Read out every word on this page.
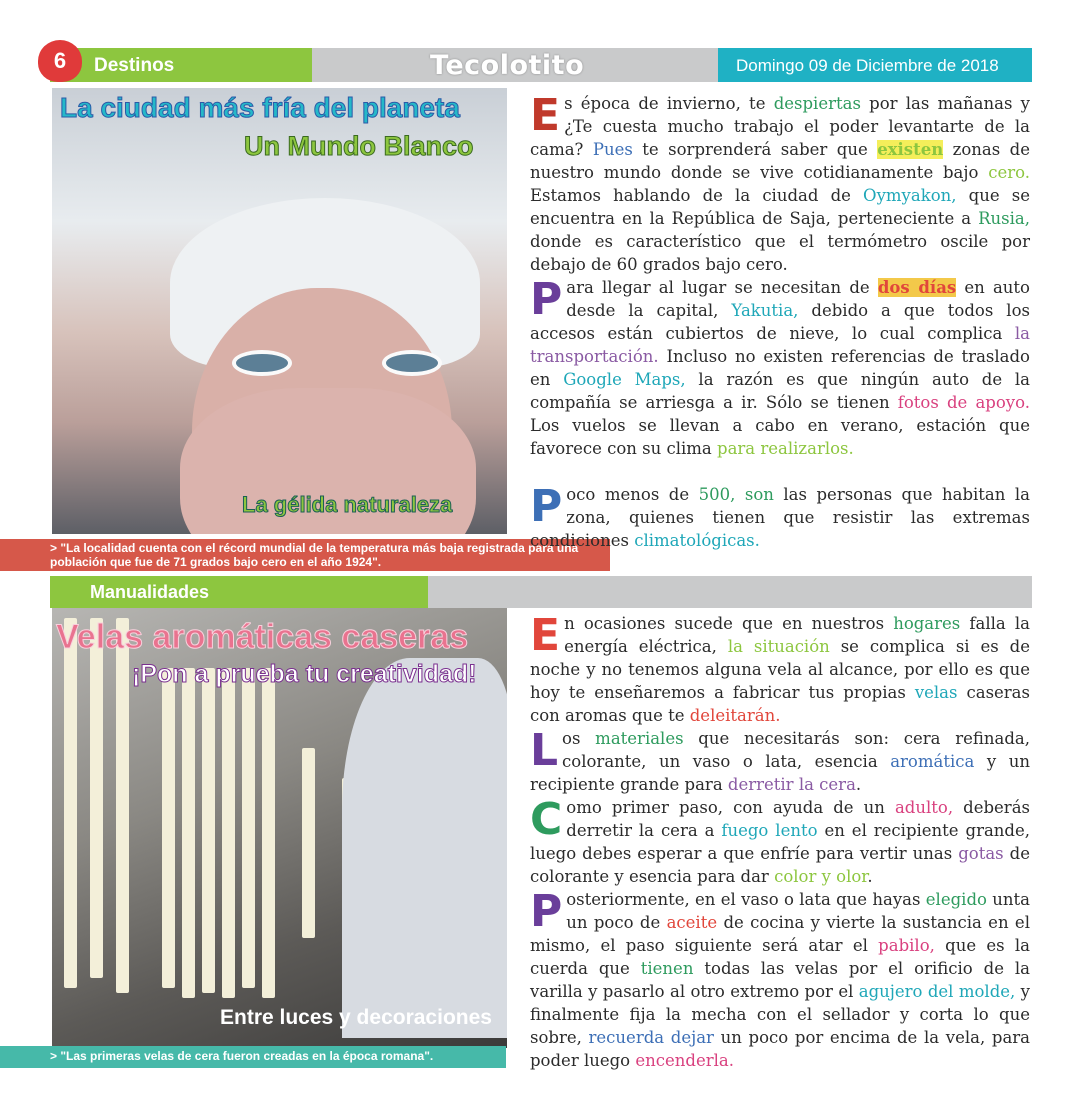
6	Destinos	Tecolotito	Domingo 09 de Diciembre de 2018
La ciudad más fría del planeta
Un Mundo Blanco
La gélida naturaleza
> "La localidad cuenta con el récord mundial de la temperatura más baja registrada para una población que fue de 71 grados bajo cero en el año 1924".

Es época de invierno, te despiertas por las mañanas y ¿Te cuesta mucho trabajo el poder levantarte de la cama? Pues te sorprenderá saber que existen zonas de nuestro mundo donde se vive cotidianamente bajo cero. Estamos hablando de la ciudad de Oymyakon, que se encuentra en la República de Saja, perteneciente a Rusia, donde es característico que el termómetro oscile por debajo de 60 grados bajo cero.

Para llegar al lugar se necesitan de dos días en auto desde la capital, Yakutia, debido a que todos los accesos están cubiertos de nieve, lo cual complica la transportación. Incluso no existen referencias de traslado en Google Maps, la razón es que ningún auto de la compañía se arriesga a ir. Sólo se tienen fotos de apoyo. Los vuelos se llevan a cabo en verano, estación que favorece con su clima para realizarlos.

Poco menos de 500, son las personas que habitan la zona, quienes tienen que resistir las extremas condiciones climatológicas.

Manualidades
Velas aromáticas caseras
¡Pon a prueba tu creatividad!
Entre luces y decoraciones
> "Las primeras velas de cera fueron creadas en la época romana".

En ocasiones sucede que en nuestros hogares falla la energía eléctrica, la situación se complica si es de noche y no tenemos alguna vela al alcance, por ello es que hoy te enseñaremos a fabricar tus propias velas caseras con aromas que te deleitarán.

Los materiales que necesitarás son: cera refinada, colorante, un vaso o lata, esencia aromática y un recipiente grande para derretir la cera.

Como primer paso, con ayuda de un adulto, deberás derretir la cera a fuego lento en el recipiente grande, luego debes esperar a que enfríe para vertir unas gotas de colorante y esencia para dar color y olor.

Posteriormente, en el vaso o lata que hayas elegido unta un poco de aceite de cocina y vierte la sustancia en el mismo, el paso siguiente será atar el pabilo, que es la cuerda que tienen todas las velas por el orificio de la varilla y pasarlo al otro extremo por el agujero del molde, y finalmente fija la mecha con el sellador y corta lo que sobre, recuerda dejar un poco por encima de la vela, para poder luego encenderla.
